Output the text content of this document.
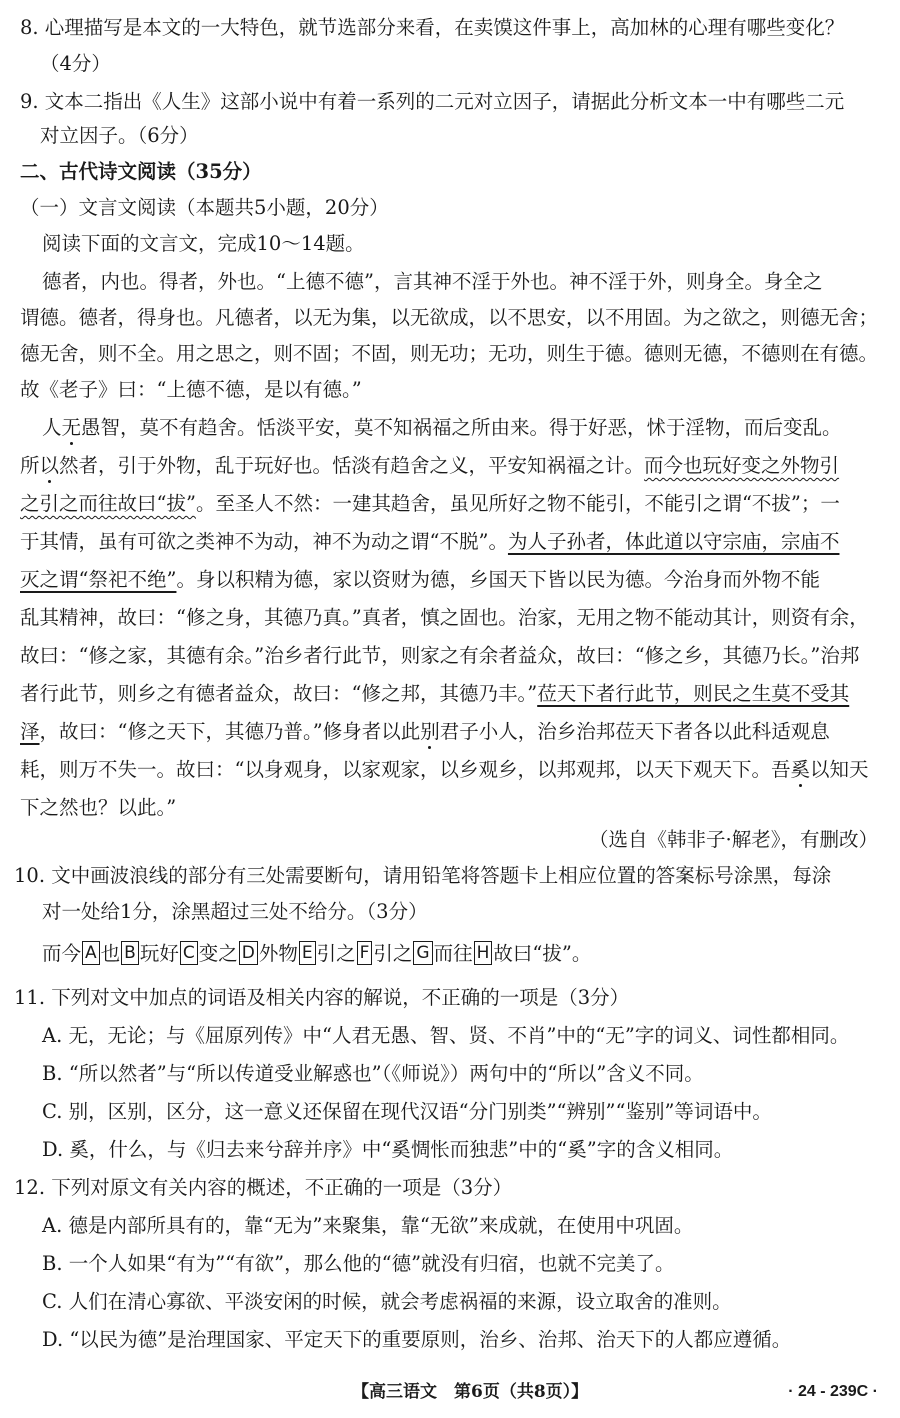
8. 心理描写是本文的一大特色，就节选部分来看，在卖馍这件事上，高加林的心理有哪些变化？
（4分）
9. 文本二指出《人生》这部小说中有着一系列的二元对立因子，请据此分析文本一中有哪些二元
对立因子。（6分）
二、古代诗文阅读（35分）
（一）文言文阅读（本题共5小题，20分）
阅读下面的文言文，完成10～14题。
德者，内也。得者，外也。“上德不德”，言其神不淫于外也。神不淫于外，则身全。身全之
谓德。德者，得身也。凡德者，以无为集，以无欲成，以不思安，以不用固。为之欲之，则德无舍；
德无舍，则不全。用之思之，则不固；不固，则无功；无功，则生于德。德则无德，不德则在有德。
故《老子》曰：“上德不德，是以有德。”
人无愚智，莫不有趋舍。恬淡平安，莫不知祸福之所由来。得于好恶，怵于淫物，而后变乱。
所以然者，引于外物，乱于玩好也。恬淡有趋舍之义，平安知祸福之计。而今也玩好变之外物引
之引之而往故曰“拔”。至圣人不然：一建其趋舍，虽见所好之物不能引，不能引之谓“不拔”；一
于其情，虽有可欲之类神不为动，神不为动之谓“不脱”。为人子孙者，体此道以守宗庙，宗庙不
灭之谓“祭祀不绝”。身以积精为德，家以资财为德，乡国天下皆以民为德。今治身而外物不能
乱其精神，故曰：“修之身，其德乃真。”真者，慎之固也。治家，无用之物不能动其计，则资有余，
故曰：“修之家，其德有余。”治乡者行此节，则家之有余者益众，故曰：“修之乡，其德乃长。”治邦
者行此节，则乡之有德者益众，故曰：“修之邦，其德乃丰。”莅天下者行此节，则民之生莫不受其
泽，故曰：“修之天下，其德乃普。”修身者以此别君子小人，治乡治邦莅天下者各以此科适观息
耗，则万不失一。故曰：“以身观身，以家观家，以乡观乡，以邦观邦，以天下观天下。吾奚以知天
下之然也？以此。”
（选自《韩非子·解老》，有删改）
10. 文中画波浪线的部分有三处需要断句，请用铅笔将答题卡上相应位置的答案标号涂黑，每涂
对一处给1分，涂黑超过三处不给分。（3分）
而今 A 也 B 玩好 C 变之 D 外物 E 引之 F 引之 G 而往 H 故曰“拔”。
11. 下列对文中加点的词语及相关内容的解说，不正确的一项是（3分）
A. 无，无论；与《屈原列传》中“人君无愚、智、贤、不肖”中的“无”字的词义、词性都相同。
B. “所以然者”与“所以传道受业解惑也”（《师说》）两句中的“所以”含义不同。
C. 别，区别，区分，这一意义还保留在现代汉语“分门别类”“辨别”“鉴别”等词语中。
D. 奚，什么，与《归去来兮辞并序》中“奚惆怅而独悲”中的“奚”字的含义相同。
12. 下列对原文有关内容的概述，不正确的一项是（3分）
A. 德是内部所具有的，靠“无为”来聚集，靠“无欲”来成就，在使用中巩固。
B. 一个人如果“有为”“有欲”，那么他的“德”就没有归宿，也就不完美了。
C. 人们在清心寡欲、平淡安闲的时候，就会考虑祸福的来源，设立取舍的准则。
D. “以民为德”是治理国家、平定天下的重要原则，治乡、治邦、治天下的人都应遵循。
【高三语文　第6页（共8页）】	· 24 - 239C ·
